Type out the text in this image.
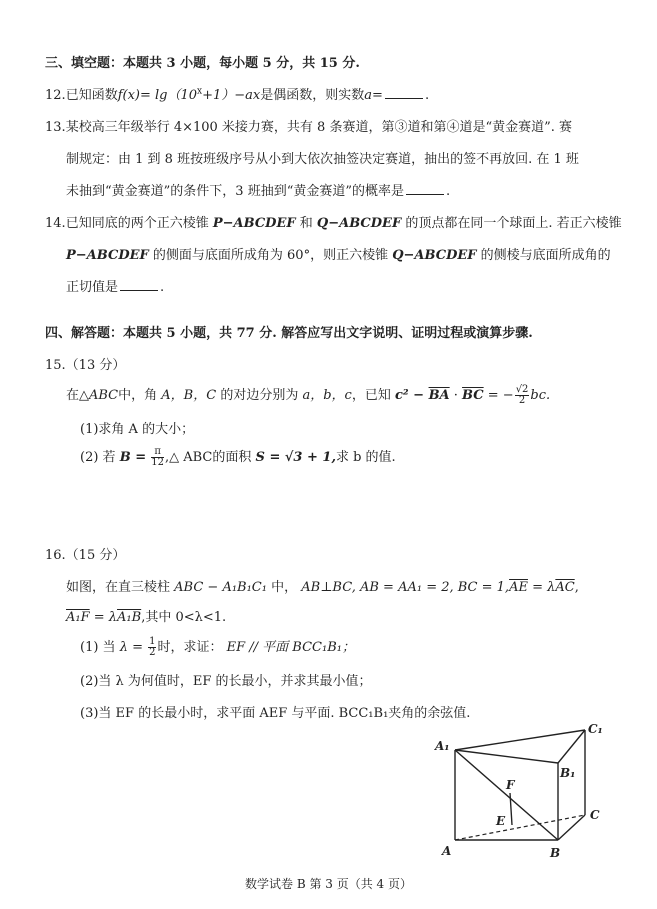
三、填空题：本题共 3 小题，每小题 5 分，共 15 分.
12.已知函数$f(x)= \lg(10^x+1)-ax$是偶函数，则实数a=	.
13.某校高三年级举行 4×100 米接力赛，共有 8 条赛道，第③道和第④道是“黄金赛道”. 赛
制规定：由 1 到 8 班按班级序号从小到大依次抽签决定赛道，抽出的签不再放回. 在 1 班
未抽到“黄金赛道”的条件下，3 班抽到“黄金赛道”的概率是	.
14.已知同底的两个正六棱锥 P−ABCDEF 和 Q−ABCDEF 的顶点都在同一个球面上. 若正六棱锥
P−ABCDEF 的侧面与底面所成角为 60°，则正六棱锥 Q−ABCDEF 的侧棱与底面所成角的
正切值是	.
四、解答题：本题共 5 小题，共 77 分. 解答应写出文字说明、证明过程或演算步骤.
15.（13 分）
在△ABC中，角 A，B，C 的对边分别为 a，b，c，已知 $c^2 - \overline{BA} \cdot \overline{BC}$ = − $\frac{√2}{2}$ bc.
(1)求角 A 的大小；
(2) 若 $B = \frac{\pi}{12}$ ,△ ABC的面积 S = √3 + 1,求 b 的值.
16.（15 分）
如图，在直三棱柱 ABC − A₁B₁C₁ 中， AB⊥BC, AB = AA₁ = 2, BC = $1,\overline{AE} = \lambda\overline{AC}$,
A₁F = λA₁B,其中 0<λ<1.
(1) 当 $\lambda = \frac{1}{2}$ 时，求证： EF // 平面 BCC₁B₁；
(2)当 λ 为何值时，EF 的长最小，并求其最小值；
(3)当 EF 的长最小时，求平面 AEF 与平面. BCC₁B₁夹角的余弦值.
A₁
B₁
C₁
A	B
C
F
E
数学试卷 B 第 3 页（共 4 页）
